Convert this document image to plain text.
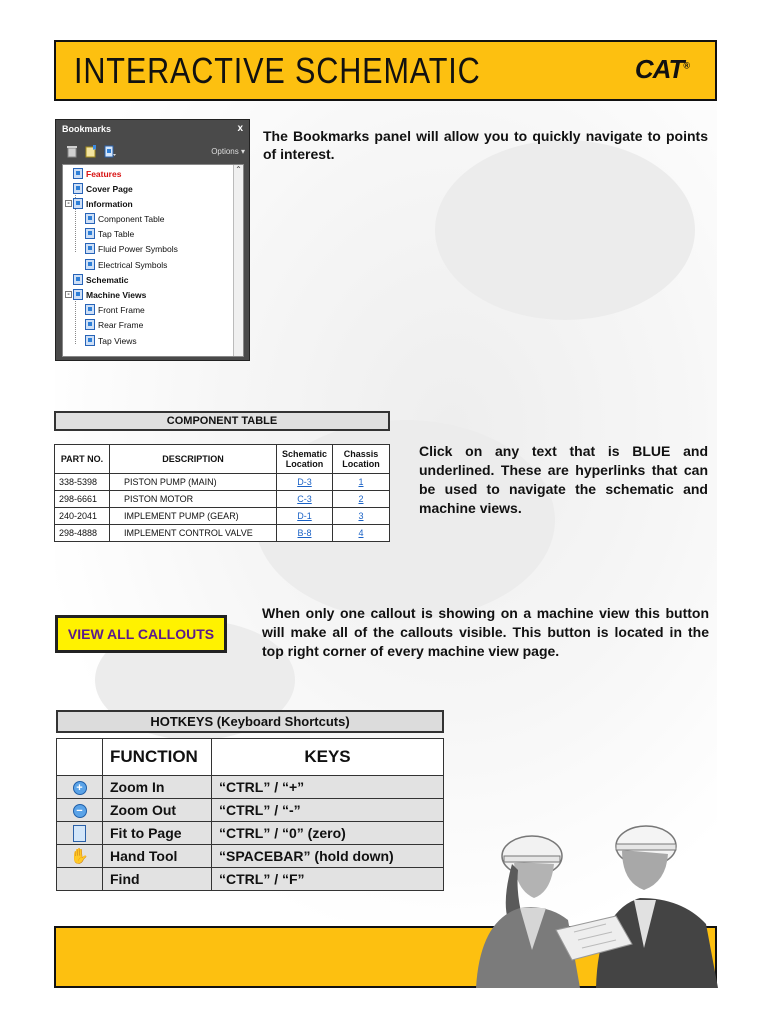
INTERACTIVE SCHEMATIC	CAT®
Bookmarks	x
Options ▾
⌃
Features
Cover Page
- Information
Component Table
Tap Table
Fluid Power Symbols
Electrical Symbols
Schematic
- Machine Views
Front Frame
Rear Frame
Tap Views
The Bookmarks panel will allow you to quickly navigate to points of interest.
COMPONENT TABLE
PART NO.	DESCRIPTION	Schematic Location	Chassis Location
338-5398	PISTON PUMP (MAIN)	D-3	1
298-6661	PISTON MOTOR	C-3	2
240-2041	IMPLEMENT PUMP (GEAR)	D-1	3
298-4888	IMPLEMENT CONTROL VALVE	B-8	4
Click on any text that is BLUE and underlined. These are hyperlinks that can be used to navigate the schematic and machine views.
VIEW ALL CALLOUTS
When only one callout is showing on a machine view this button will make all of the callouts visible. This button is located in the top right corner of every machine view page.
HOTKEYS (Keyboard Shortcuts)
	FUNCTION	KEYS
+	Zoom In	“CTRL” / “+”
−	Zoom Out	“CTRL” / “-”
	Fit to Page	“CTRL” / “0” (zero)
✋	Hand Tool	“SPACEBAR” (hold down)
	Find	“CTRL” / “F”
